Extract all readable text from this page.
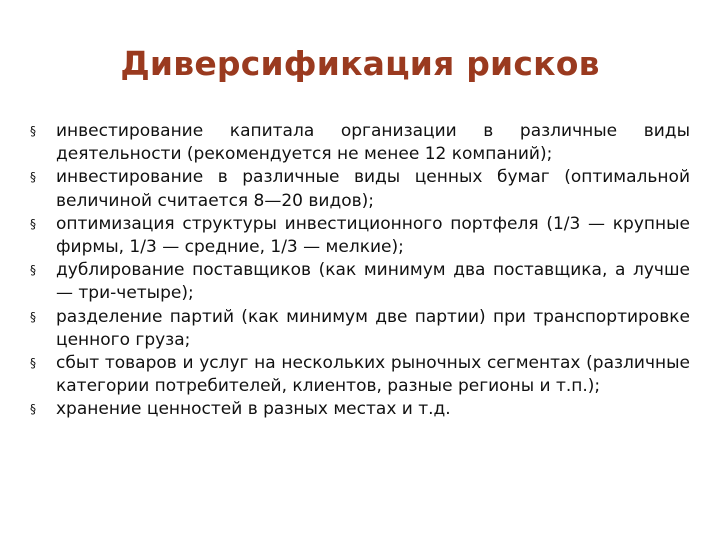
Диверсификация рисков
§	инвестирование капитала организации в различные виды деятельности (рекомендуется не менее 12 компаний);
§	инвестирование в различные виды ценных бумаг (оптимальной величиной считается 8—20 видов);
§	оптимизация структуры инвестиционного портфеля (1/3 — крупные фирмы, 1/3 — средние, 1/3 — мелкие);
§	дублирование поставщиков (как минимум два поставщика, а лучше — три-четыре);
§	разделение партий (как минимум две партии) при транспортировке ценного груза;
§	сбыт товаров и услуг на нескольких рыночных сегментах (различные категории потребителей, клиентов, разные регионы и т.п.);
§	хранение ценностей в разных местах и т.д.
